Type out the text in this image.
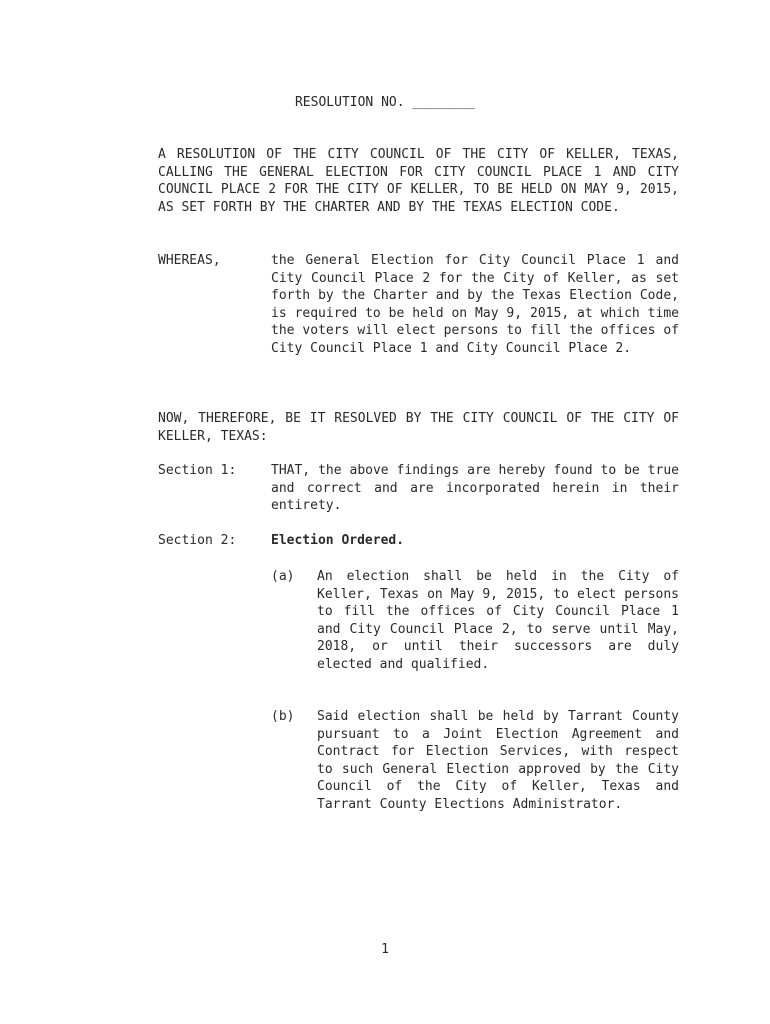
RESOLUTION NO. ________
A RESOLUTION OF THE CITY COUNCIL OF THE CITY OF KELLER, TEXAS, CALLING THE GENERAL ELECTION FOR CITY COUNCIL PLACE 1 AND CITY COUNCIL PLACE 2 FOR THE CITY OF KELLER, TO BE HELD ON MAY 9, 2015, AS SET FORTH BY THE CHARTER AND BY THE TEXAS ELECTION CODE.
WHEREAS,	the General Election for City Council Place 1 and City Council Place 2 for the City of Keller, as set forth by the Charter and by the Texas Election Code, is required to be held on May 9, 2015, at which time the voters will elect persons to fill the offices of City Council Place 1 and City Council Place 2.
NOW, THEREFORE, BE IT RESOLVED BY THE CITY COUNCIL OF THE CITY OF KELLER, TEXAS:
Section 1:	THAT, the above findings are hereby found to be true and correct and are incorporated herein in their entirety.
Section 2:	Election Ordered.
(a) An election shall be held in the City of Keller, Texas on May 9, 2015, to elect persons to fill the offices of City Council Place 1 and City Council Place 2, to serve until May, 2018, or until their successors are duly elected and qualified.
(b) Said election shall be held by Tarrant County pursuant to a Joint Election Agreement and Contract for Election Services, with respect to such General Election approved by the City Council of the City of Keller, Texas and Tarrant County Elections Administrator.
1
